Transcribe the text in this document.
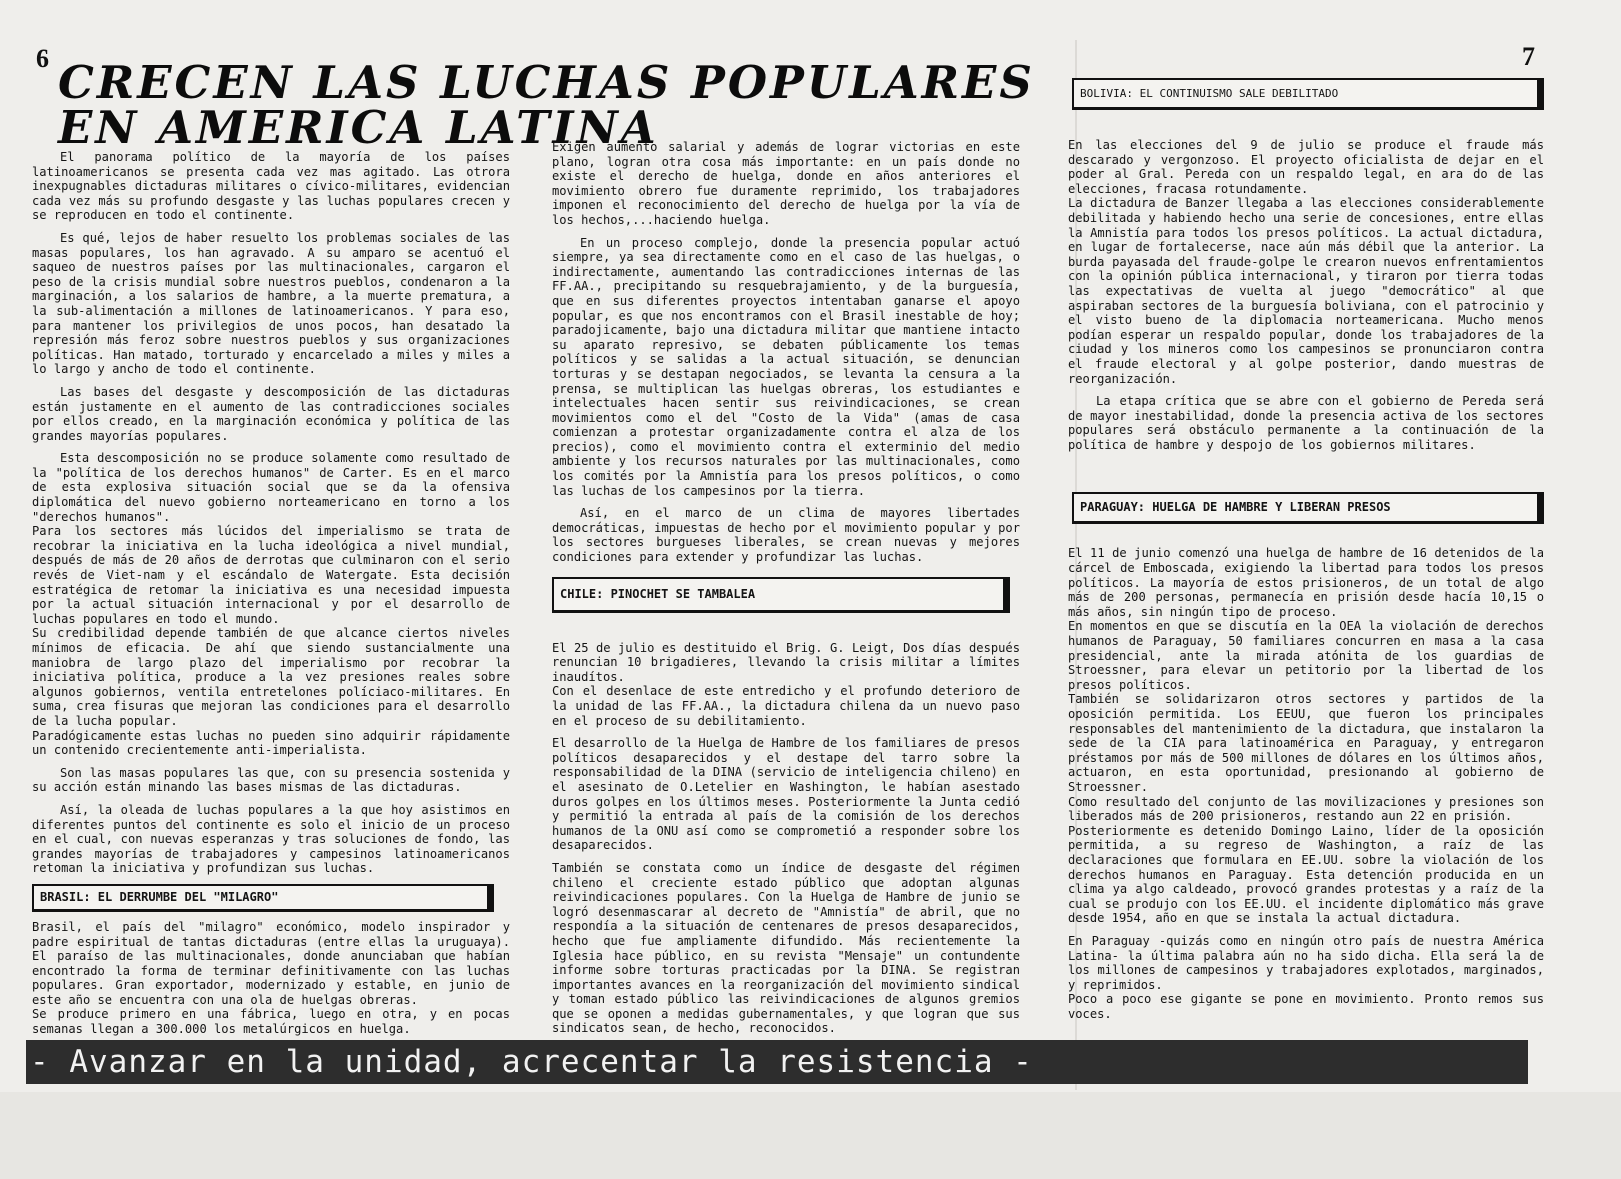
6	7
CRECEN LAS LUCHAS POPULARES
EN AMERICA LATINA

El panorama político de la mayoría de los países latinoamericanos se presenta cada vez mas agitado. Las otrora inexpugnables dictaduras militares o cívico-militares, evidencian cada vez más su profundo desgaste y las luchas populares crecen y se reproducen en todo el continente.

Es qué, lejos de haber resuelto los problemas sociales de las masas populares, los han agravado. A su amparo se acentuó el saqueo de nuestros países por las multinacionales, cargaron el peso de la crisis mundial sobre nuestros pueblos, condenaron a la marginación, a los salarios de hambre, a la muerte prematura, a la sub-alimentación a millones de latinoamericanos. Y para eso, para mantener los privilegios de unos pocos, han desatado la represión más feroz sobre nuestros pueblos y sus organizaciones políticas. Han matado, torturado y encarcelado a miles y miles a lo largo y ancho de todo el continente.

Las bases del desgaste y descomposición de las dictaduras están justamente en el aumento de las contradicciones sociales por ellos creado, en la marginación económica y política de las grandes mayorías populares.

Esta descomposición no se produce solamente como resultado de la "política de los derechos humanos" de Carter. Es en el marco de esta explosiva situación social que se da la ofensiva diplomática del nuevo gobierno norteamericano en torno a los "derechos humanos".

Para los sectores más lúcidos del imperialismo se trata de recobrar la iniciativa en la lucha ideológica a nivel mundial, después de más de 20 años de derrotas que culminaron con el serio revés de Viet-nam y el escándalo de Watergate. Esta decisión estratégica de retomar la iniciativa es una necesidad impuesta por la actual situación internacional y por el desarrollo de luchas populares en todo el mundo.

Su credibilidad depende también de que alcance ciertos niveles mínimos de eficacia. De ahí que siendo sustancialmente una maniobra de largo plazo del imperialismo por recobrar la iniciativa política, produce a la vez presiones reales sobre algunos gobiernos, ventila entretelones políciaco-militares. En suma, crea fisuras que mejoran las condiciones para el desarrollo de la lucha popular.

Paradógicamente estas luchas no pueden sino adquirir rápidamente un contenido crecientemente anti-imperialista.

Son las masas populares las que, con su presencia sostenida y su acción están minando las bases mismas de las dictaduras.

Así, la oleada de luchas populares a la que hoy asistimos en diferentes puntos del continente es solo el inicio de un proceso en el cual, con nuevas esperanzas y tras soluciones de fondo, las grandes mayorías de trabajadores y campesinos latinoamericanos retoman la iniciativa y profundizan sus luchas.

BRASIL: EL DERRUMBE DEL "MILAGRO"

Brasil, el país del "milagro" económico, modelo inspirador y padre espiritual de tantas dictaduras (entre ellas la uruguaya). El paraíso de las multinacionales, donde anunciaban que habían encontrado la forma de terminar definitivamente con las luchas populares. Gran exportador, modernizado y estable, en junio de este año se encuentra con una ola de huelgas obreras.

Se produce primero en una fábrica, luego en otra, y en pocas semanas llegan a 300.000 los metalúrgicos en huelga.

Exigen aumento salarial y además de lograr victorias en este plano, logran otra cosa más importante: en un país donde no existe el derecho de huelga, donde en años anteriores el movimiento obrero fue duramente reprimido, los trabajadores imponen el reconocimiento del derecho de huelga por la vía de los hechos,...haciendo huelga.

En un proceso complejo, donde la presencia popular actuó siempre, ya sea directamente como en el caso de las huelgas, o indirectamente, aumentando las contradicciones internas de las FF.AA., precipitando su resquebrajamiento, y de la burguesía, que en sus diferentes proyectos intentaban ganarse el apoyo popular, es que nos encontramos con el Brasil inestable de hoy; paradojicamente, bajo una dictadura militar que mantiene intacto su aparato represivo, se debaten públicamente los temas políticos y se salidas a la actual situación, se denuncian torturas y se destapan negociados, se levanta la censura a la prensa, se multiplican las huelgas obreras, los estudiantes e intelectuales hacen sentir sus reivindicaciones, se crean movimientos como el del "Costo de la Vida" (amas de casa comienzan a protestar organizadamente contra el alza de los precios), como el movimiento contra el exterminio del medio ambiente y los recursos naturales por las multinacionales, como los comités por la Amnistía para los presos políticos, o como las luchas de los campesinos por la tierra.

Así, en el marco de un clima de mayores libertades democráticas, impuestas de hecho por el movimiento popular y por los sectores burgueses liberales, se crean nuevas y mejores condiciones para extender y profundizar las luchas.

CHILE: PINOCHET SE TAMBALEA

El 25 de julio es destituido el Brig. G. Leigt, Dos días después renuncian 10 brigadieres, llevando la crisis militar a límites inaudítos.

Con el desenlace de este entredicho y el profundo deterioro de la unidad de las FF.AA., la dictadura chilena da un nuevo paso en el proceso de su debilitamiento.

El desarrollo de la Huelga de Hambre de los familiares de presos políticos desaparecidos y el destape del tarro sobre la responsabilidad de la DINA (servicio de inteligencia chileno) en el asesinato de O.Letelier en Washington, le habían asestado duros golpes en los últimos meses. Posteriormente la Junta cedió y permitió la entrada al país de la comisión de los derechos humanos de la ONU así como se comprometió a responder sobre los desaparecidos.

También se constata como un índice de desgaste del régimen chileno el creciente estado público que adoptan algunas reivindicaciones populares. Con la Huelga de Hambre de junio se logró desenmascarar al decreto de "Amnistía" de abril, que no respondía a la situación de centenares de presos desaparecidos, hecho que fue ampliamente difundido. Más recientemente la Iglesia hace público, en su revista "Mensaje" un contundente informe sobre torturas practicadas por la DINA. Se registran importantes avances en la reorganización del movimiento sindical y toman estado público las reivindicaciones de algunos gremios que se oponen a medidas gubernamentales, y que logran que sus sindicatos sean, de hecho, reconocidos.

BOLIVIA: EL CONTINUISMO SALE DEBILITADO

En las elecciones del 9 de julio se produce el fraude más descarado y vergonzoso. El proyecto oficialista de dejar en el poder al Gral. Pereda con un respaldo legal, en ara do de las elecciones, fracasa rotundamente.

La dictadura de Banzer llegaba a las elecciones considerablemente debilitada y habiendo hecho una serie de concesiones, entre ellas la Amnistía para todos los presos políticos. La actual dictadura, en lugar de fortalecerse, nace aún más débil que la anterior. La burda payasada del fraude-golpe le crearon nuevos enfrentamientos con la opinión pública internacional, y tiraron por tierra todas las expectativas de vuelta al juego "democrático" al que aspiraban sectores de la burguesía boliviana, con el patrocinio y el visto bueno de la diplomacia norteamericana. Mucho menos podían esperar un respaldo popular, donde los trabajadores de la ciudad y los mineros como los campesinos se pronunciaron contra el fraude electoral y al golpe posterior, dando muestras de reorganización.

La etapa crítica que se abre con el gobierno de Pereda será de mayor inestabilidad, donde la presencia activa de los sectores populares será obstáculo permanente a la continuación de la política de hambre y despojo de los gobiernos militares.

PARAGUAY: HUELGA DE HAMBRE Y LIBERAN PRESOS

El 11 de junio comenzó una huelga de hambre de 16 detenidos de la cárcel de Emboscada, exigiendo la libertad para todos los presos políticos. La mayoría de estos prisioneros, de un total de algo más de 200 personas, permanecía en prisión desde hacía 10,15 o más años, sin ningún tipo de proceso.

En momentos en que se discutía en la OEA la violación de derechos humanos de Paraguay, 50 familiares concurren en masa a la casa presidencial, ante la mirada atónita de los guardias de Stroessner, para elevar un petitorio por la libertad de los presos políticos.

También se solidarizaron otros sectores y partidos de la oposición permitida. Los EEUU, que fueron los principales responsables del mantenimiento de la dictadura, que instalaron la sede de la CIA para latinoamérica en Paraguay, y entregaron préstamos por más de 500 millones de dólares en los últimos años, actuaron, en esta oportunidad, presionando al gobierno de Stroessner.

Como resultado del conjunto de las movilizaciones y presiones son liberados más de 200 prisioneros, restando aun 22 en prisión.

Posteriormente es detenido Domingo Laino, líder de la oposición permitida, a su regreso de Washington, a raíz de las declaraciones que formulara en EE.UU. sobre la violación de los derechos humanos en Paraguay. Esta detención producida en un clima ya algo caldeado, provocó grandes protestas y a raíz de la cual se produjo con los EE.UU. el incidente diplomático más grave desde 1954, año en que se instala la actual dictadura.

En Paraguay -quizás como en ningún otro país de nuestra América Latina- la última palabra aún no ha sido dicha. Ella será la de los millones de campesinos y trabajadores explotados, marginados, y reprimidos.

Poco a poco ese gigante se pone en movimiento. Pronto remos sus voces.

- Avanzar en la unidad, acrecentar la resistencia -
